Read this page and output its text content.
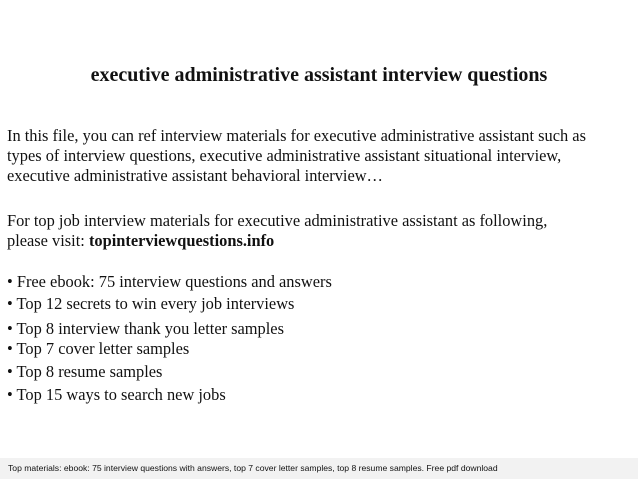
executive administrative assistant interview questions
In this file, you can ref interview materials for executive administrative assistant such as
types of interview questions, executive administrative assistant situational interview,
executive administrative assistant behavioral interview…
For top job interview materials for executive administrative assistant as following,
please visit: topinterviewquestions.info
• Free ebook: 75 interview questions and answers
• Top 12 secrets to win every job interviews
• Top 8 interview thank you letter samples
• Top 7 cover letter samples
• Top 8 resume samples
• Top 15 ways to search new jobs
Top materials: ebook: 75 interview questions with answers, top 7 cover letter samples, top 8 resume samples. Free pdf download
